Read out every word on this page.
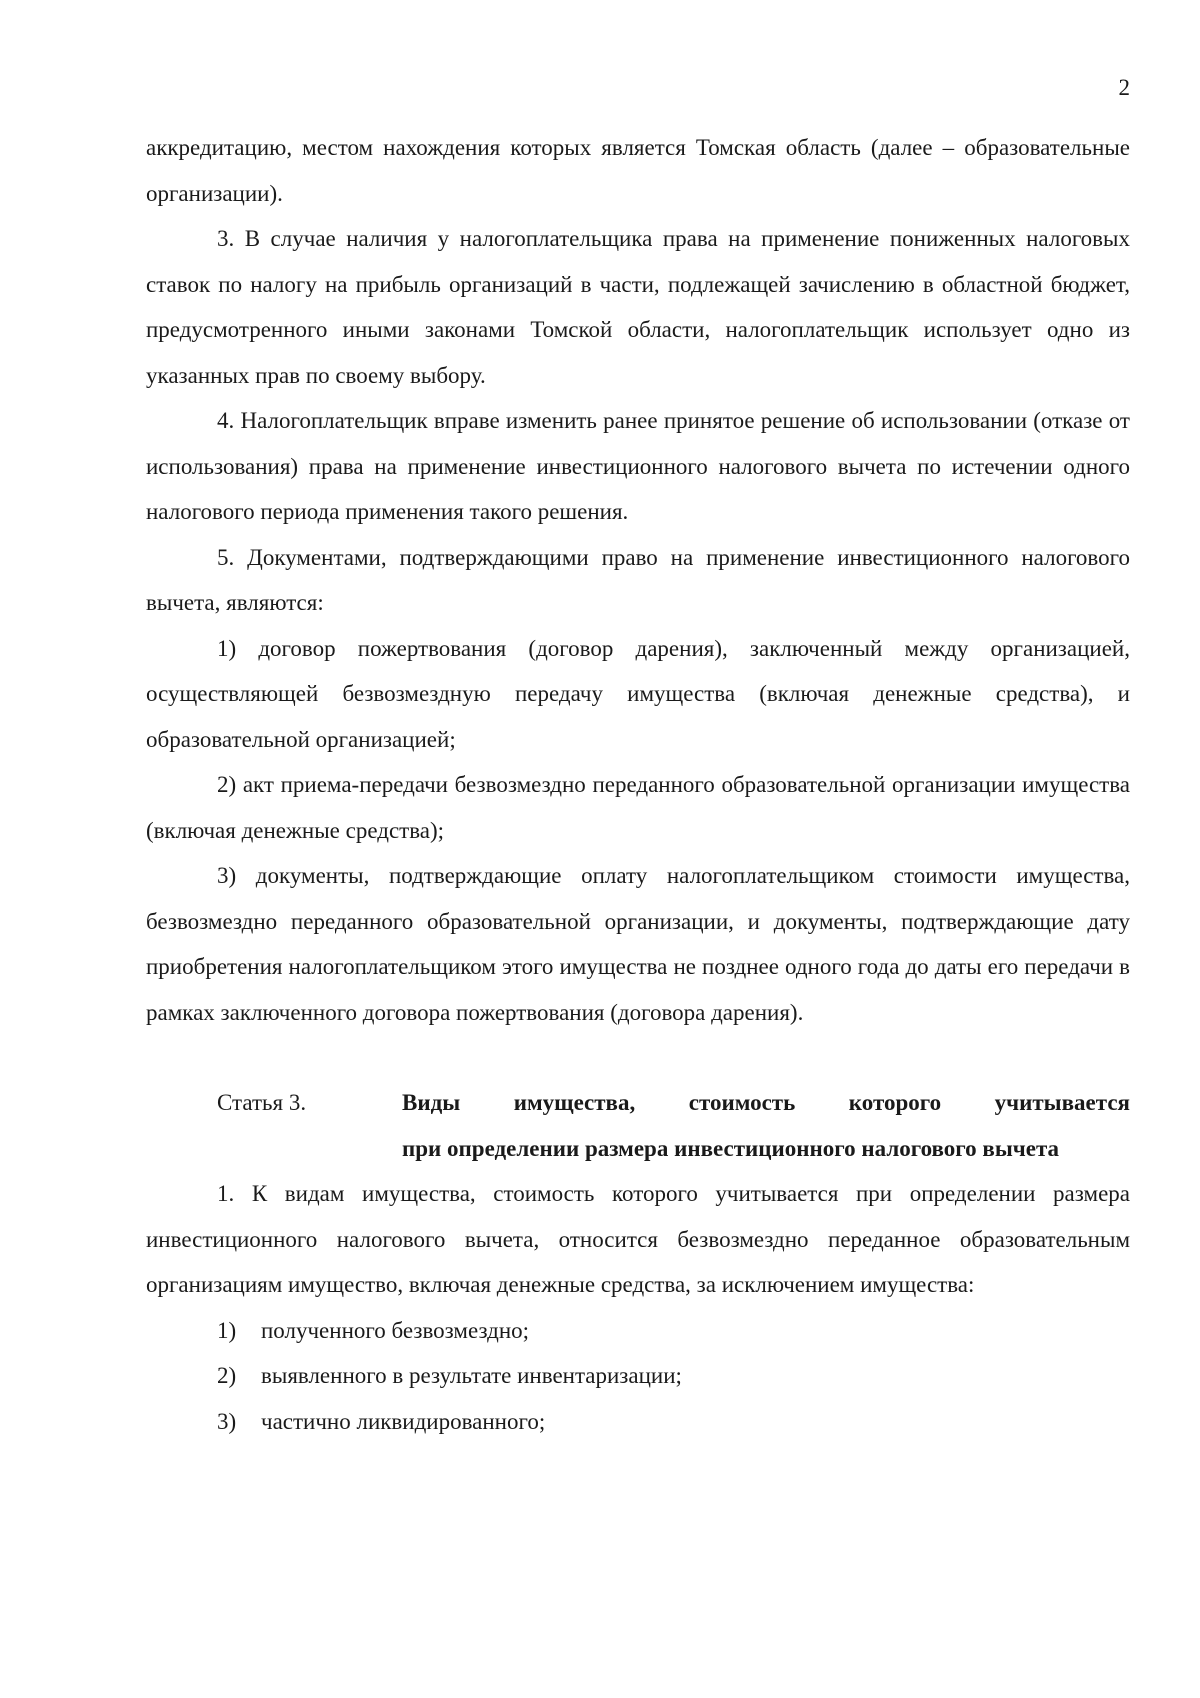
2

аккредитацию, местом нахождения которых является Томская область (далее – образовательные организации).

3. В случае наличия у налогоплательщика права на применение пониженных налоговых ставок по налогу на прибыль организаций в части, подлежащей зачислению в областной бюджет, предусмотренного иными законами Томской области, налогоплательщик использует одно из указанных прав по своему выбору.

4. Налогоплательщик вправе изменить ранее принятое решение об использовании (отказе от использования) права на применение инвестиционного налогового вычета по истечении одного налогового периода применения такого решения.

5. Документами, подтверждающими право на применение инвестиционного налогового вычета, являются:

1) договор пожертвования (договор дарения), заключенный между организацией, осуществляющей безвозмездную передачу имущества (включая денежные средства), и образовательной организацией;

2) акт приема-передачи безвозмездно переданного образовательной организации имущества (включая денежные средства);

3) документы, подтверждающие оплату налогоплательщиком стоимости имущества, безвозмездно переданного образовательной организации, и документы, подтверждающие дату приобретения налогоплательщиком этого имущества не позднее одного года до даты его передачи в рамках заключенного договора пожертвования (договора дарения).

Статья 3.	Виды имущества, стоимость которого учитывается
при определении размера инвестиционного налогового вычета

1. К видам имущества, стоимость которого учитывается при определении размера инвестиционного налогового вычета, относится безвозмездно переданное образовательным организациям имущество, включая денежные средства, за исключением имущества:

1) полученного безвозмездно;
2) выявленного в результате инвентаризации;
3) частично ликвидированного;
